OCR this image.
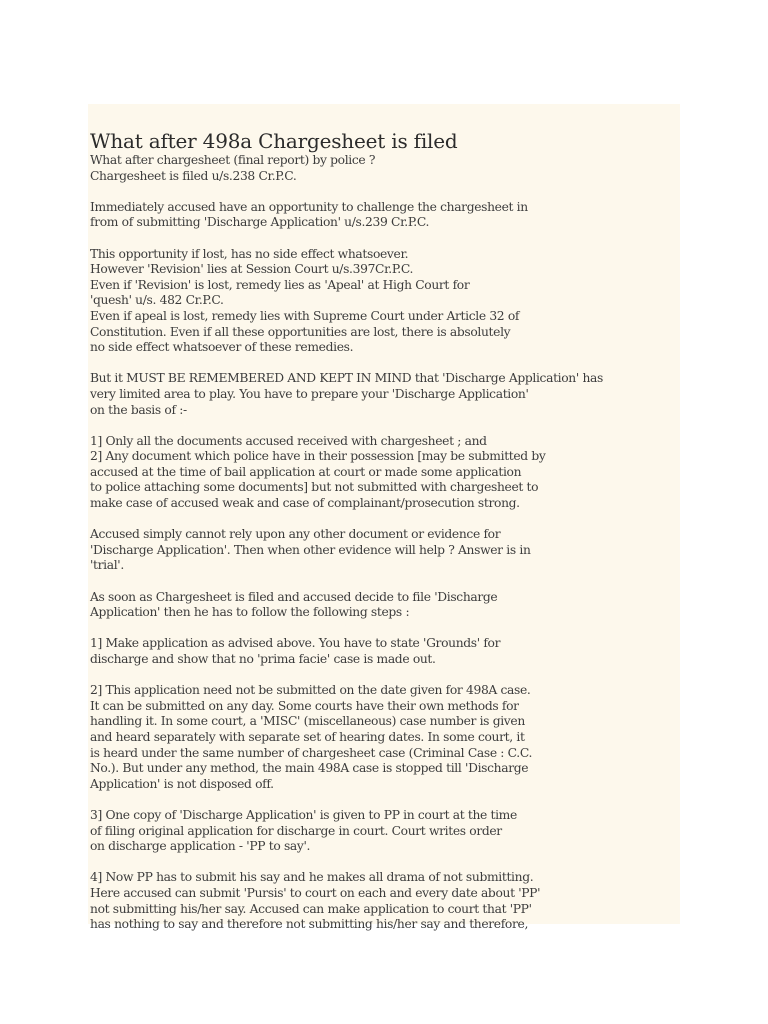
What after 498a Chargesheet is filed
What after chargesheet (final report) by police ?
Chargesheet is filed u/s.238 Cr.P.C.
Immediately accused have an opportunity to challenge the chargesheet in
from of submitting 'Discharge Application' u/s.239 Cr.P.C.
This opportunity if lost, has no side effect whatsoever.
However 'Revision' lies at Session Court u/s.397Cr.P.C.
Even if 'Revision' is lost, remedy lies as 'Apeal' at High Court for
'quesh' u/s. 482 Cr.P.C.
Even if apeal is lost, remedy lies with Supreme Court under Article 32 of
Constitution. Even if all these opportunities are lost, there is absolutely
no side effect whatsoever of these remedies.
But it MUST BE REMEMBERED AND KEPT IN MIND that 'Discharge Application' has
very limited area to play. You have to prepare your 'Discharge Application'
on the basis of :-
1] Only all the documents accused received with chargesheet ; and
2] Any document which police have in their possession [may be submitted by
accused at the time of bail application at court or made some application
to police attaching some documents] but not submitted with chargesheet to
make case of accused weak and case of complainant/prosecution strong.
Accused simply cannot rely upon any other document or evidence for
'Discharge Application'. Then when other evidence will help ? Answer is in
'trial'.
As soon as Chargesheet is filed and accused decide to file 'Discharge
Application' then he has to follow the following steps :
1] Make application as advised above. You have to state 'Grounds' for
discharge and show that no 'prima facie' case is made out.
2] This application need not be submitted on the date given for 498A case.
It can be submitted on any day. Some courts have their own methods for
handling it. In some court, a 'MISC' (miscellaneous) case number is given
and heard separately with separate set of hearing dates. In some court, it
is heard under the same number of chargesheet case (Criminal Case : C.C.
No.). But under any method, the main 498A case is stopped till 'Discharge
Application' is not disposed off.
3] One copy of 'Discharge Application' is given to PP in court at the time
of filing original application for discharge in court. Court writes order
on discharge application - 'PP to say'.
4] Now PP has to submit his say and he makes all drama of not submitting.
Here accused can submit 'Pursis' to court on each and every date about 'PP'
not submitting his/her say. Accused can make application to court that 'PP'
has nothing to say and therefore not submitting his/her say and therefore,
